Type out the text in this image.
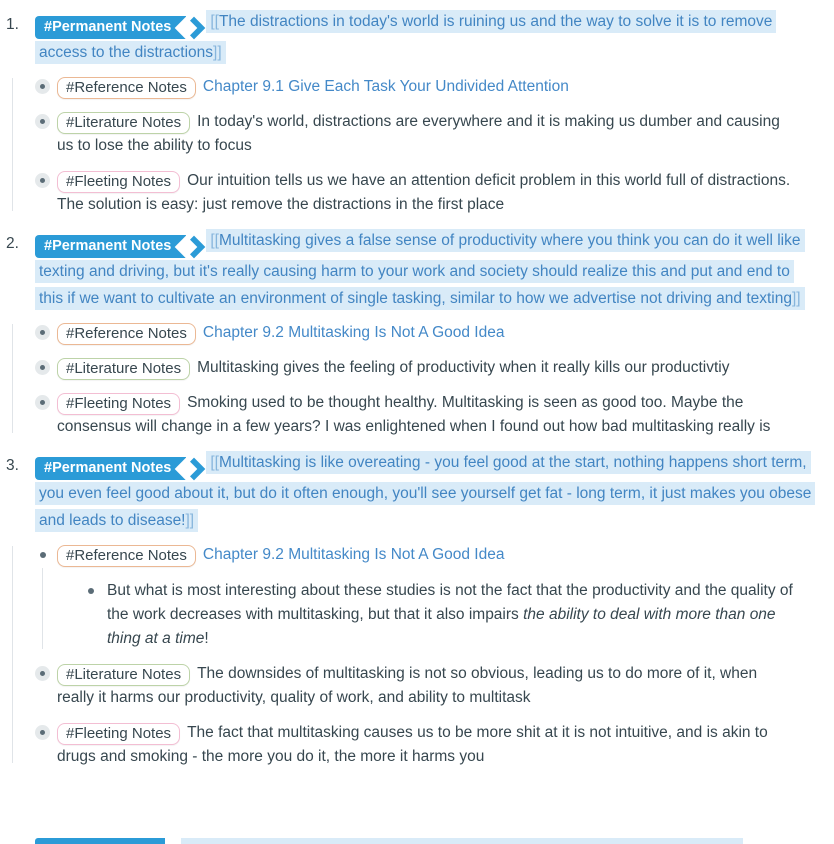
1.	#Permanent Notes	[[The distractions in today's world is ruining us and the way to solve it is to remove access to the distractions]]
#Reference Notes Chapter 9.1 Give Each Task Your Undivided Attention
#Literature Notes In today's world, distractions are everywhere and it is making us dumber and causing us to lose the ability to focus
#Fleeting Notes Our intuition tells us we have an attention deficit problem in this world full of distractions. The solution is easy: just remove the distractions in the first place
2.	#Permanent Notes	[[Multitasking gives a false sense of productivity where you think you can do it well like texting and driving, but it's really causing harm to your work and society should realize this and put and end to this if we want to cultivate an environment of single tasking, similar to how we advertise not driving and texting]]
#Reference Notes Chapter 9.2 Multitasking Is Not A Good Idea
#Literature Notes Multitasking gives the feeling of productivity when it really kills our productivtiy
#Fleeting Notes Smoking used to be thought healthy. Multitasking is seen as good too. Maybe the consensus will change in a few years? I was enlightened when I found out how bad multitasking really is
3.	#Permanent Notes	[[Multitasking is like overeating - you feel good at the start, nothing happens short term, you even feel good about it, but do it often enough, you'll see yourself get fat - long term, it just makes you obese and leads to disease!]]
#Reference Notes Chapter 9.2 Multitasking Is Not A Good Idea
But what is most interesting about these studies is not the fact that the productivity and the quality of the work decreases with multitasking, but that it also impairs the ability to deal with more than one thing at a time!
#Literature Notes The downsides of multitasking is not so obvious, leading us to do more of it, when really it harms our productivity, quality of work, and ability to multitask
#Fleeting Notes The fact that multitasking causes us to be more shit at it is not intuitive, and is akin to drugs and smoking - the more you do it, the more it harms you
